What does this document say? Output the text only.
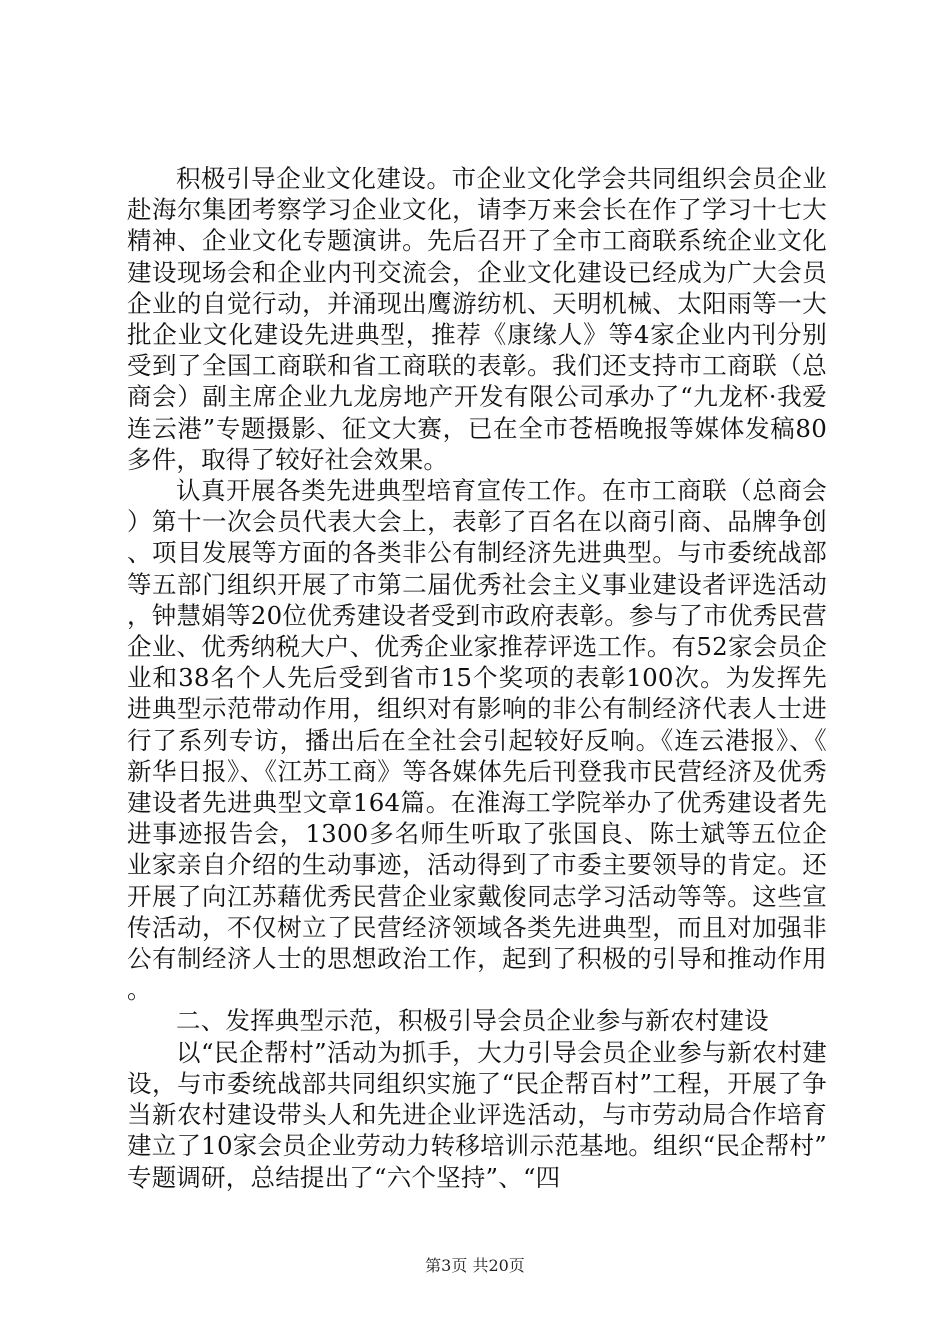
积极引导企业文化建设。市企业文化学会共同组织会员企业赴海尔集团考察学习企业文化，请李万来会长在作了学习十七大精神、企业文化专题演讲。先后召开了全市工商联系统企业文化建设现场会和企业内刊交流会，企业文化建设已经成为广大会员企业的自觉行动，并涌现出鹰游纺机、天明机械、太阳雨等一大批企业文化建设先进典型，推荐《康缘人》等4家企业内刊分别受到了全国工商联和省工商联的表彰。我们还支持市工商联（总商会）副主席企业九龙房地产开发有限公司承办了“九龙杯·我爱连云港”专题摄影、征文大赛，已在全市苍梧晚报等媒体发稿80多件，取得了较好社会效果。

认真开展各类先进典型培育宣传工作。在市工商联（总商会）第十一次会员代表大会上，表彰了百名在以商引商、品牌争创、项目发展等方面的各类非公有制经济先进典型。与市委统战部等五部门组织开展了市第二届优秀社会主义事业建设者评选活动，钟慧娟等20位优秀建设者受到市政府表彰。参与了市优秀民营企业、优秀纳税大户、优秀企业家推荐评选工作。有52家会员企业和38名个人先后受到省市15个奖项的表彰100次。为发挥先进典型示范带动作用，组织对有影响的非公有制经济代表人士进行了系列专访，播出后在全社会引起较好反响。《连云港报》、《新华日报》、《江苏工商》等各媒体先后刊登我市民营经济及优秀建设者先进典型文章164篇。在淮海工学院举办了优秀建设者先进事迹报告会，1300多名师生听取了张国良、陈士斌等五位企业家亲自介绍的生动事迹，活动得到了市委主要领导的肯定。还开展了向江苏藉优秀民营企业家戴俊同志学习活动等等。这些宣传活动，不仅树立了民营经济领域各类先进典型，而且对加强非公有制经济人士的思想政治工作，起到了积极的引导和推动作用。

二、发挥典型示范，积极引导会员企业参与新农村建设

以“民企帮村”活动为抓手，大力引导会员企业参与新农村建设，与市委统战部共同组织实施了“民企帮百村”工程，开展了争当新农村建设带头人和先进企业评选活动，与市劳动局合作培育建立了10家会员企业劳动力转移培训示范基地。组织“民企帮村”专题调研，总结提出了“六个坚持”、“四

第3页 共20页
